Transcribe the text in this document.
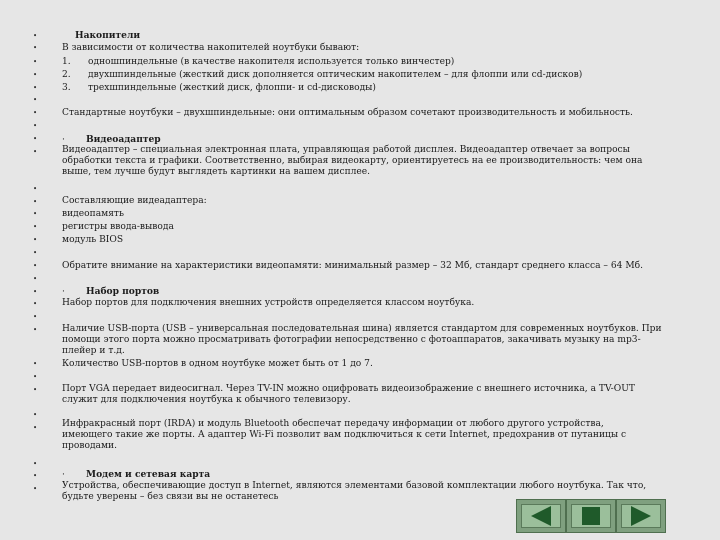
•
•
•
•
•
•
•
•
•
•
•
•
•
•
•
•
•
•
•
•
•
•
•
•
•
•
•
•
•
•
Накопители
В зависимости от количества накопителей ноутбуки бывают:
1. одношпиндельные (в качестве накопителя используется только винчестер)
2. двухшпиндельные (жесткий диск дополняется оптическим накопителем – для флоппи или cd-дисков)
3. трехшпиндельные (жесткий диск, флоппи- и cd-дисководы)
Стандартные ноутбуки – двухшпиндельные: они оптимальным образом сочетают производительность и мобильность.
· Видеоадаптер
Видеоадаптер – специальная электронная плата, управляющая работой дисплея. Видеоадаптер отвечает за вопросы обработки текста и графики. Соответственно, выбирая видеокарту, ориентируетесь на ее производительность: чем она выше, тем лучше будут выглядеть картинки на вашем дисплее.
Составляющие видеадаптера:
видеопамять
регистры ввода-вывода
модуль BIOS
Обратите внимание на характеристики видеопамяти: минимальный размер – 32 Мб, стандарт среднего класса – 64 Мб.
· Набор портов
Набор портов для подключения внешних устройств определяется классом ноутбука.
Наличие USB-порта (USB – универсальная последовательная шина) является стандартом для современных ноутбуков. При помощи этого порта можно просматривать фотографии непосредственно с фотоаппаратов, закачивать музыку на mp3-плейер и т.д.
Количество USB-портов в одном ноутбуке может быть от 1 до 7.
Порт VGA передает видеосигнал. Через TV-IN можно оцифровать видеоизображение с внешнего источника, а TV-OUT служит для подключения ноутбука к обычного телевизору.
Инфракрасный порт (IRDA) и модуль Bluetooth обеспечат передачу информации от любого другого устройства, имеющего такие же порты. А адаптер Wi-Fi позволит вам подключиться к сети Internet, предохранив от путаницы с проводами.
· Модем и сетевая карта
Устройства, обеспечивающие доступ в Internet, являются элементами базовой комплектации любого ноутбука. Так что, будьте уверены – без связи вы не останетесь
